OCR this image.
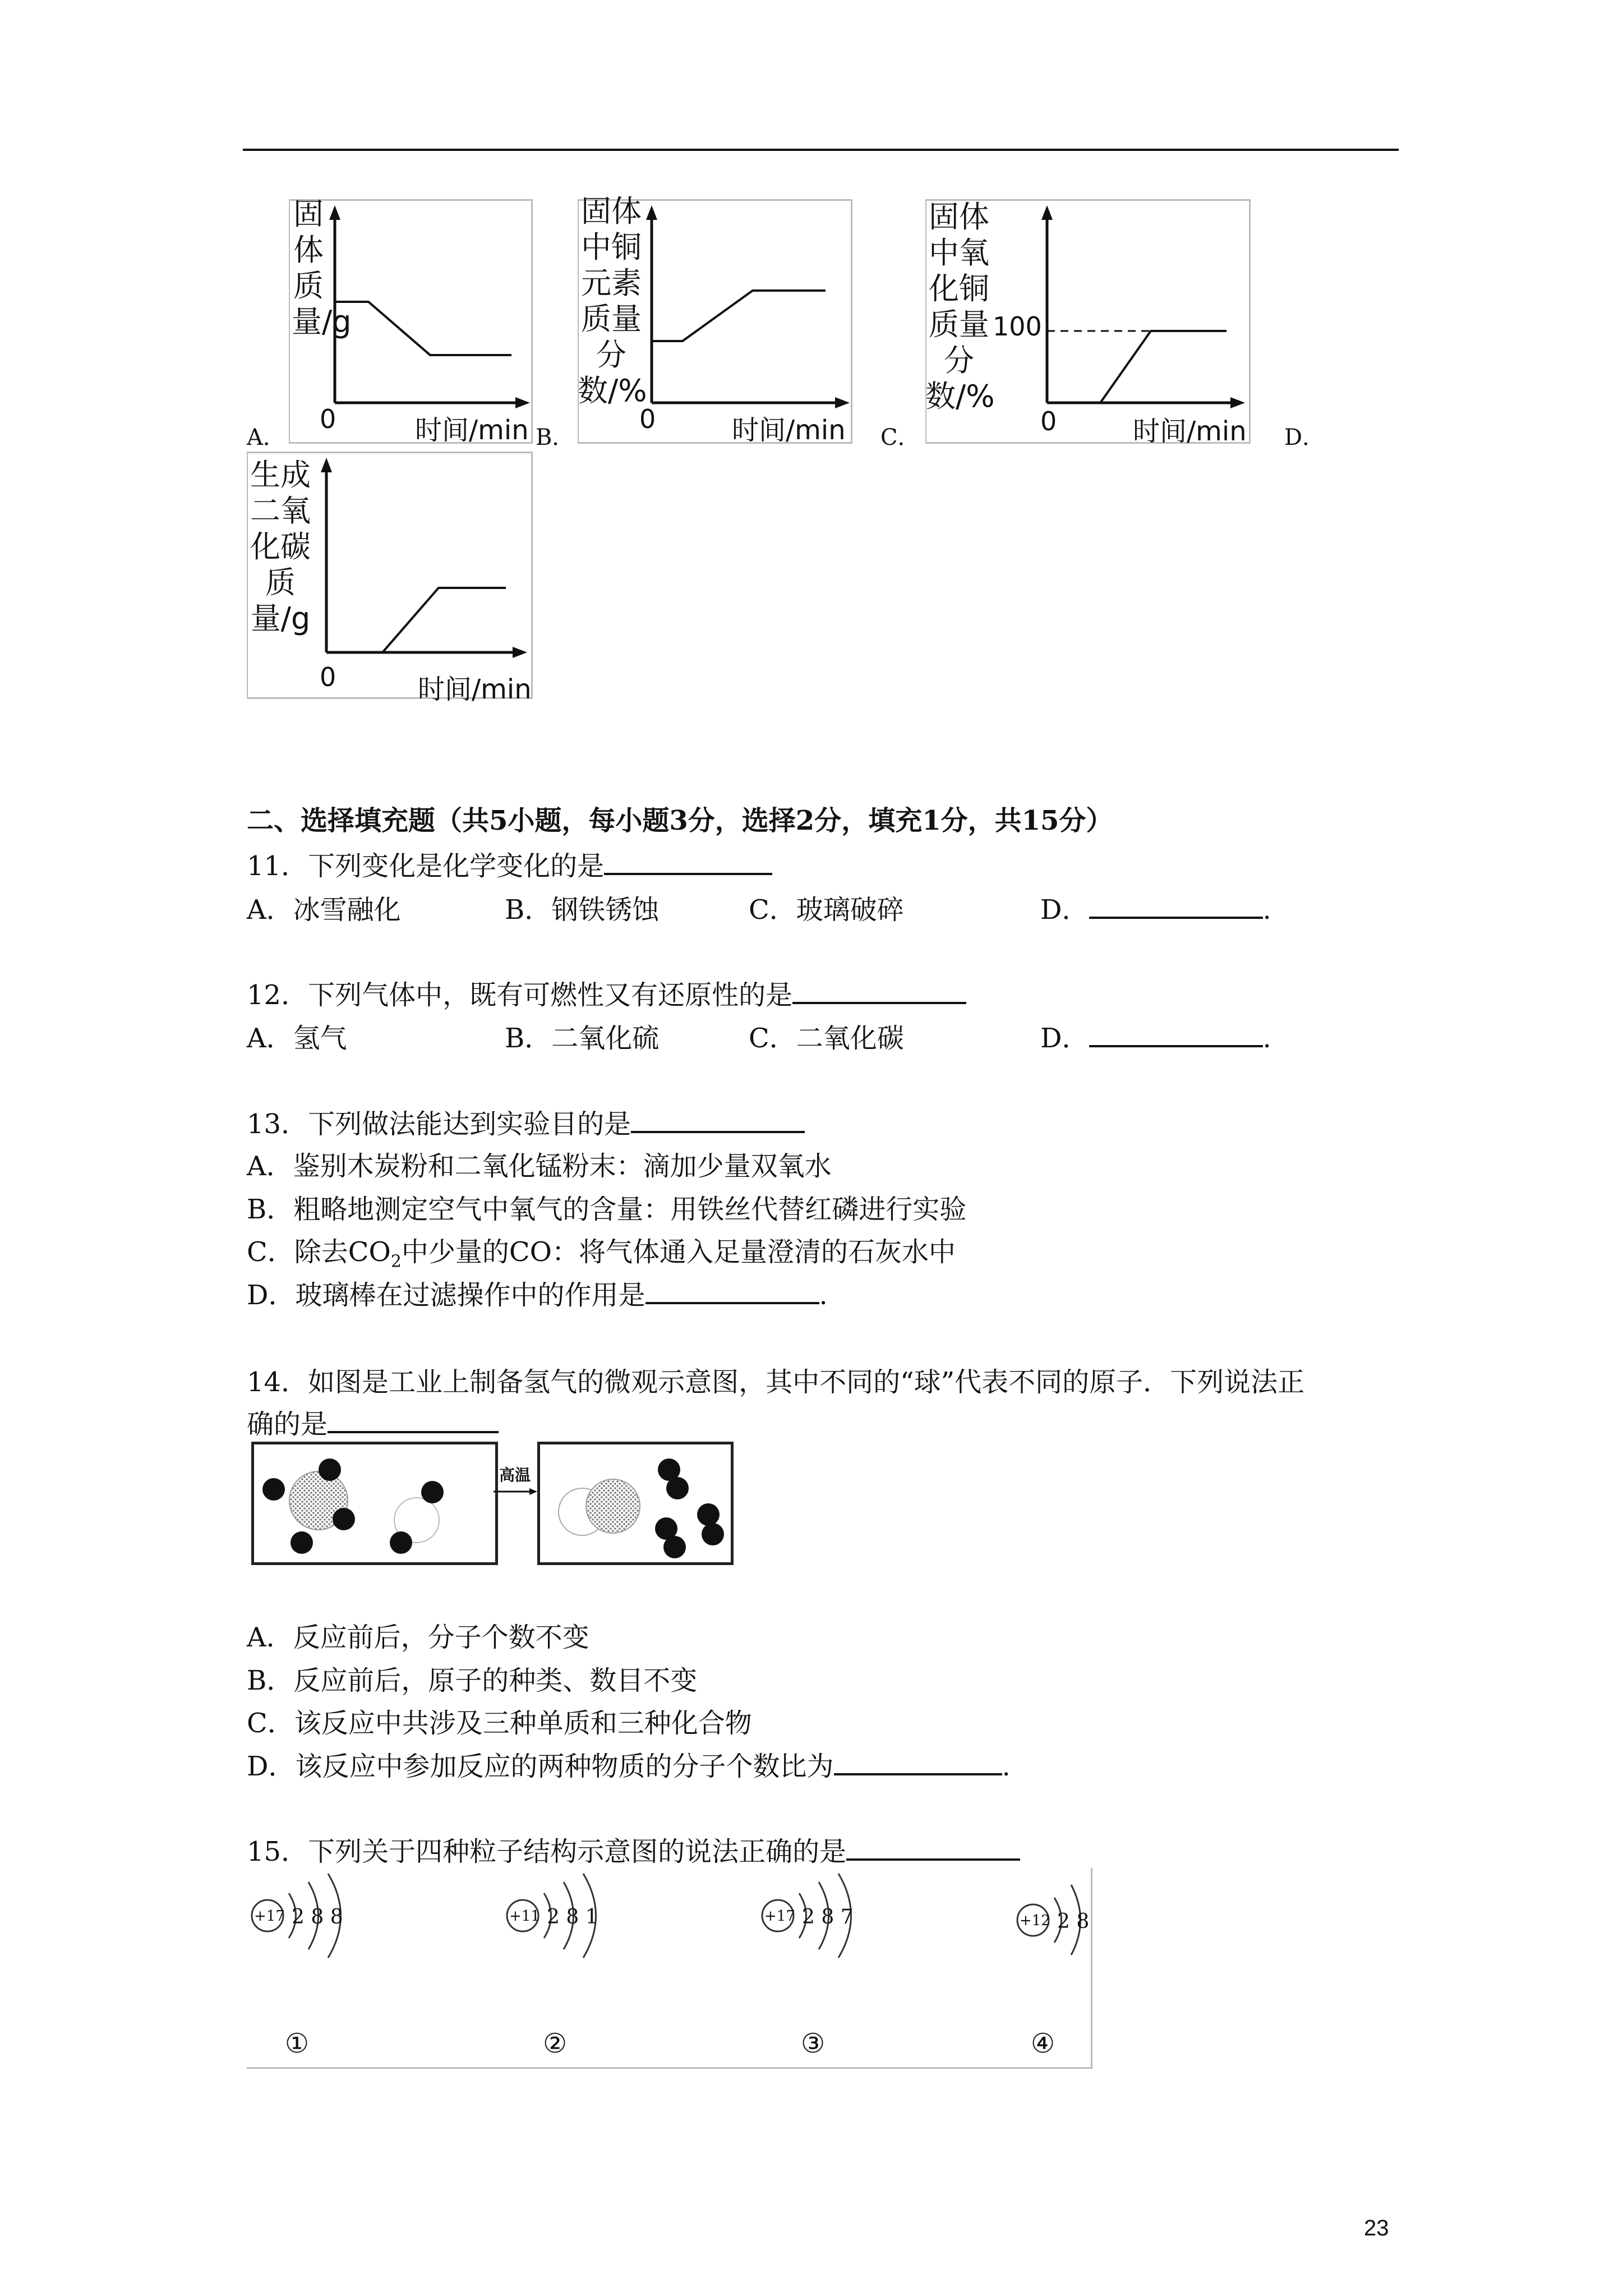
固体质量/g
0	时间/min
A．
固体中铜元素质量分数/%
0	时间/min
B．
固体中氧化铜质量分数/%
100
0	时间/min
C．	D．
生成二氧化碳质量/g
0	时间/min
二、选择填充题（共5小题，每小题3分，选择2分，填充1分，共15分）
11．下列变化是化学变化的是
A．冰雪融化	B．钢铁锈蚀	C．玻璃破碎	D．	.
12．下列气体中，既有可燃性又有还原性的是
A．氢气	B．二氧化硫	C．二氧化碳	D．	.
13．下列做法能达到实验目的是
A．鉴别木炭粉和二氧化锰粉末：滴加少量双氧水
B．粗略地测定空气中氧气的含量：用铁丝代替红磷进行实验
C．除去$CO_2$中少量的CO：将气体通入足量澄清的石灰水中
D．玻璃棒在过滤操作中的作用是	.
14．如图是工业上制备氢气的微观示意图，其中不同的“球”代表不同的原子．下列说法正
确的是
高温
A．反应前后，分子个数不变
B．反应前后，原子的种类、数目不变
C．该反应中共涉及三种单质和三种化合物
D．该反应中参加反应的两种物质的分子个数比为	.
15．下列关于四种粒子结构示意图的说法正确的是
+17 2 8 8
①
+11 2 8 1
②
+17 2 8 7
③
+12 2 8
④
23
